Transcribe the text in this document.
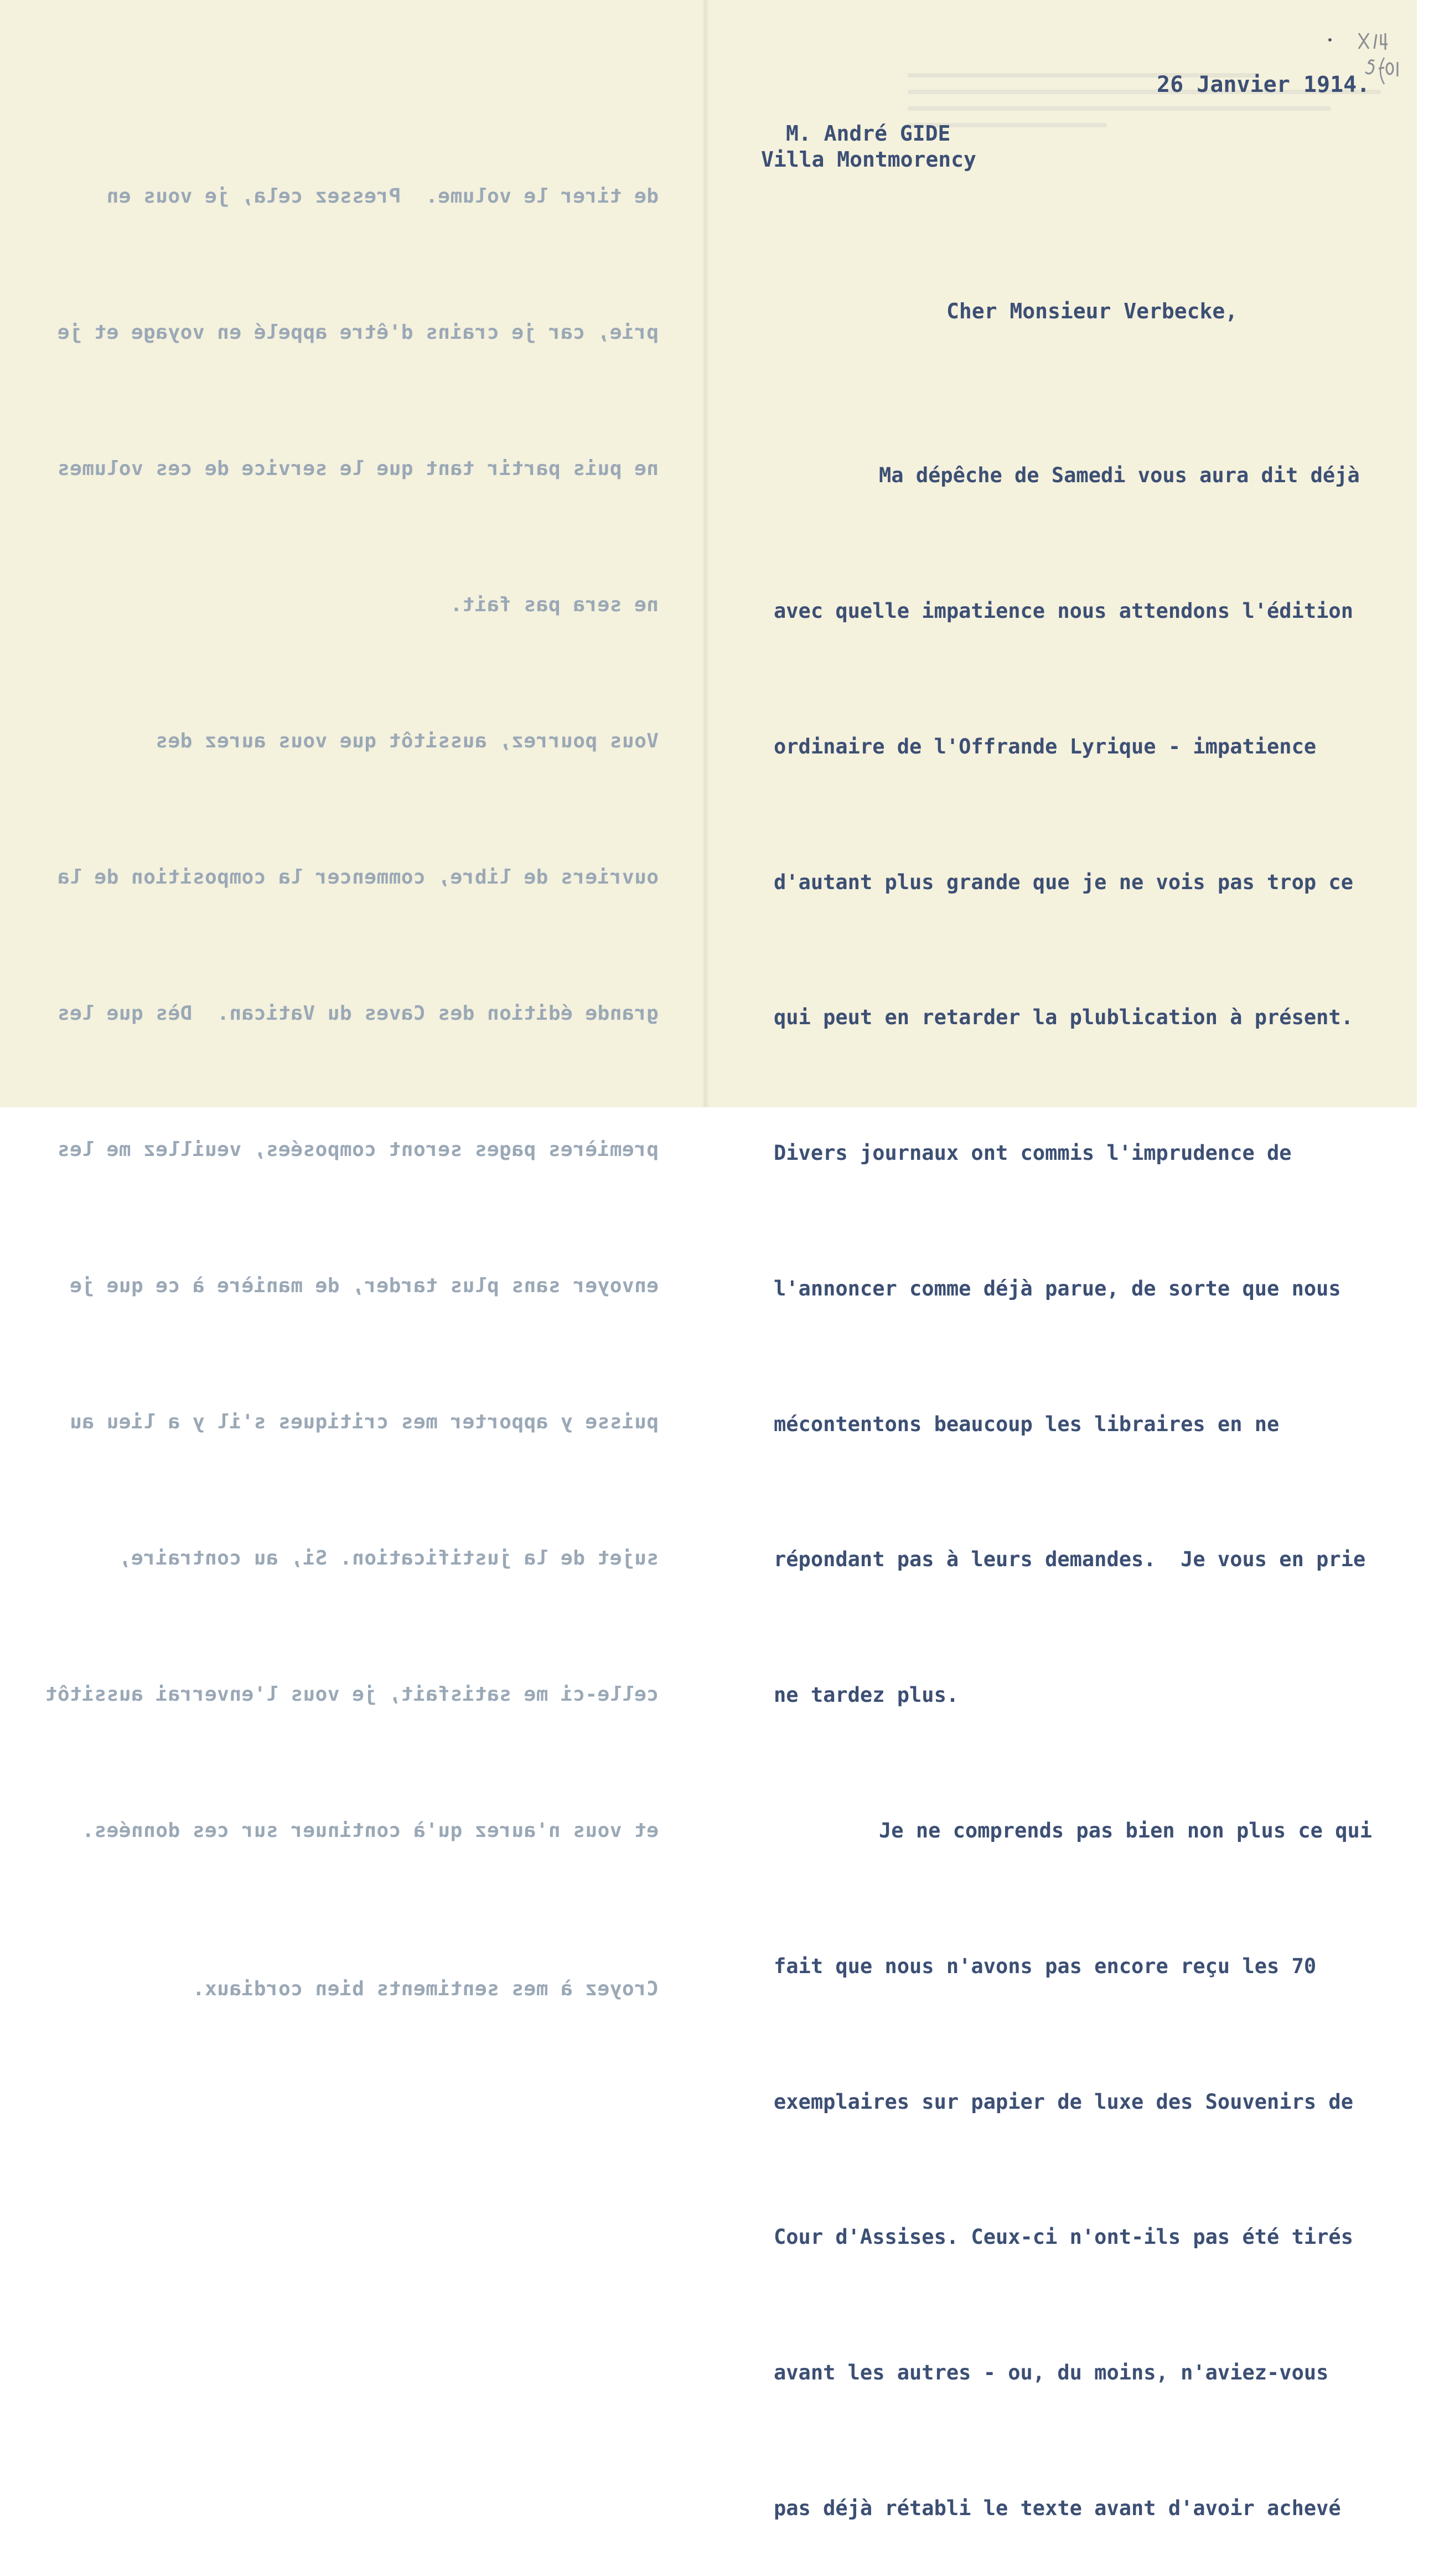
de tirer le volume.  Pressez cela, je vous en

prie, car je crains d'être appelé en voyage et je

ne puis partir tant que le service de ces volumes

ne sera pas fait.

Vous pourrez, aussitôt que vous aurez des

ouvriers de libre, commencer la composition de la

grande édition des Caves du Vatican.  Dès que les

premières pages seront composées, veuillez me les

envoyer sans plus tarder, de manière à ce que je

puisse y apporter mes critiques s'il y a lieu au

sujet de la justification. Si, au contraire,

celle-ci me satisfait, je vous l'enverrai aussitôt

et vous n'aurez qu'à continuer sur ces données.

Croyez à mes sentiments bien cordiaux.

26 Janvier 1914.
M. André GIDE
Villa Montmorency
Cher Monsieur Verbecke,

Ma dépêche de Samedi vous aura dit déjà

avec quelle impatience nous attendons l'édition

ordinaire de l'Offrande Lyrique - impatience

d'autant plus grande que je ne vois pas trop ce

qui peut en retarder la plublication à présent.

Divers journaux ont commis l'imprudence de

l'annoncer comme déjà parue, de sorte que nous

mécontentons beaucoup les libraires en ne

répondant pas à leurs demandes.  Je vous en prie

ne tardez plus.

Je ne comprends pas bien non plus ce qui

fait que nous n'avons pas encore reçu les 70

exemplaires sur papier de luxe des Souvenirs de

Cour d'Assises. Ceux-ci n'ont-ils pas été tirés

avant les autres - ou, du moins, n'aviez-vous

pas déjà rétabli le texte avant d'avoir achevé
